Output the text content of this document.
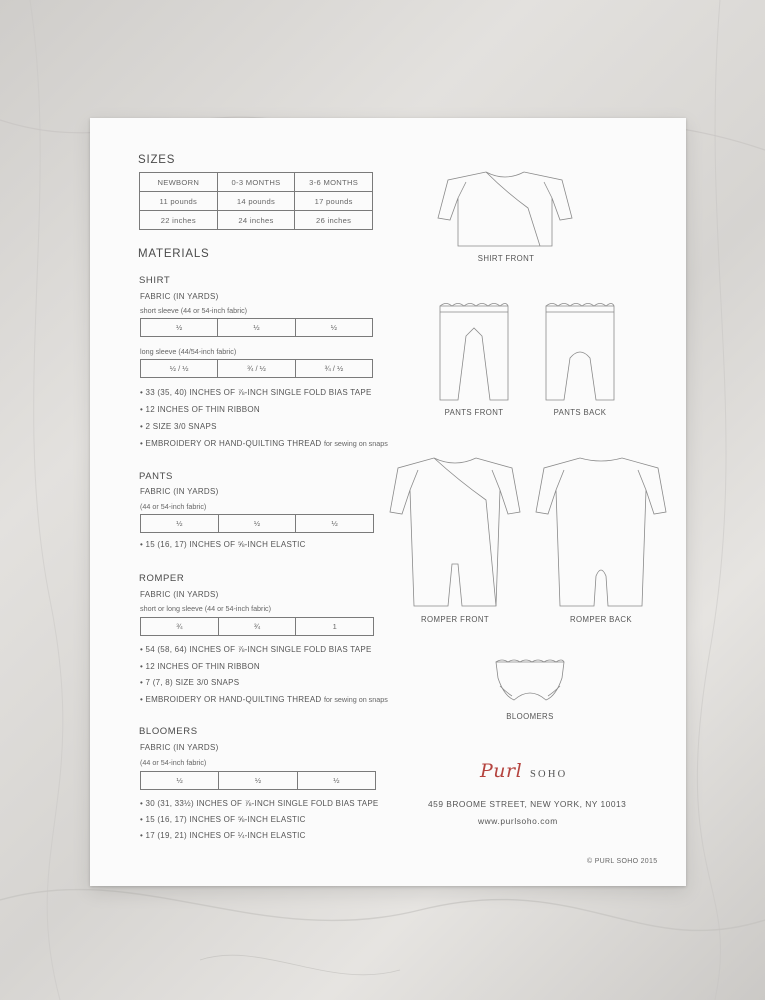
SIZES
NEWBORN	0-3 MONTHS	3-6 MONTHS
11 pounds	14 pounds	17 pounds
22 inches	24 inches	26 inches
MATERIALS
SHIRT
FABRIC (IN YARDS)
short sleeve (44 or 54-inch fabric)
½	½	½
long sleeve (44/54-inch fabric)
½ / ½	¾ / ½	¾ / ½
• 33 (35, 40) INCHES OF ⅞-INCH SINGLE FOLD BIAS TAPE
• 12 INCHES OF THIN RIBBON
• 2 SIZE 3/0 SNAPS
• EMBROIDERY OR HAND-QUILTING THREAD for sewing on snaps
PANTS
FABRIC (IN YARDS)
(44 or 54-inch fabric)
½	½	½
• 15 (16, 17) INCHES OF ⅝-INCH ELASTIC
ROMPER
FABRIC (IN YARDS)
short or long sleeve (44 or 54-inch fabric)
¾	¾	1
• 54 (58, 64) INCHES OF ⅞-INCH SINGLE FOLD BIAS TAPE
• 12 INCHES OF THIN RIBBON
• 7 (7, 8) SIZE 3/0 SNAPS
• EMBROIDERY OR HAND-QUILTING THREAD for sewing on snaps
BLOOMERS
FABRIC (IN YARDS)
(44 or 54-inch fabric)
½	½	½
• 30 (31, 33½) INCHES OF ⅞-INCH SINGLE FOLD BIAS TAPE
• 15 (16, 17) INCHES OF ⅝-INCH ELASTIC
• 17 (19, 21) INCHES OF ¼-INCH ELASTIC
SHIRT FRONT
PANTS FRONT	PANTS BACK
ROMPER FRONT	ROMPER BACK
BLOOMERS
Purl SOHO
459 BROOME STREET, NEW YORK, NY 10013
www.purlsoho.com
© PURL SOHO 2015
